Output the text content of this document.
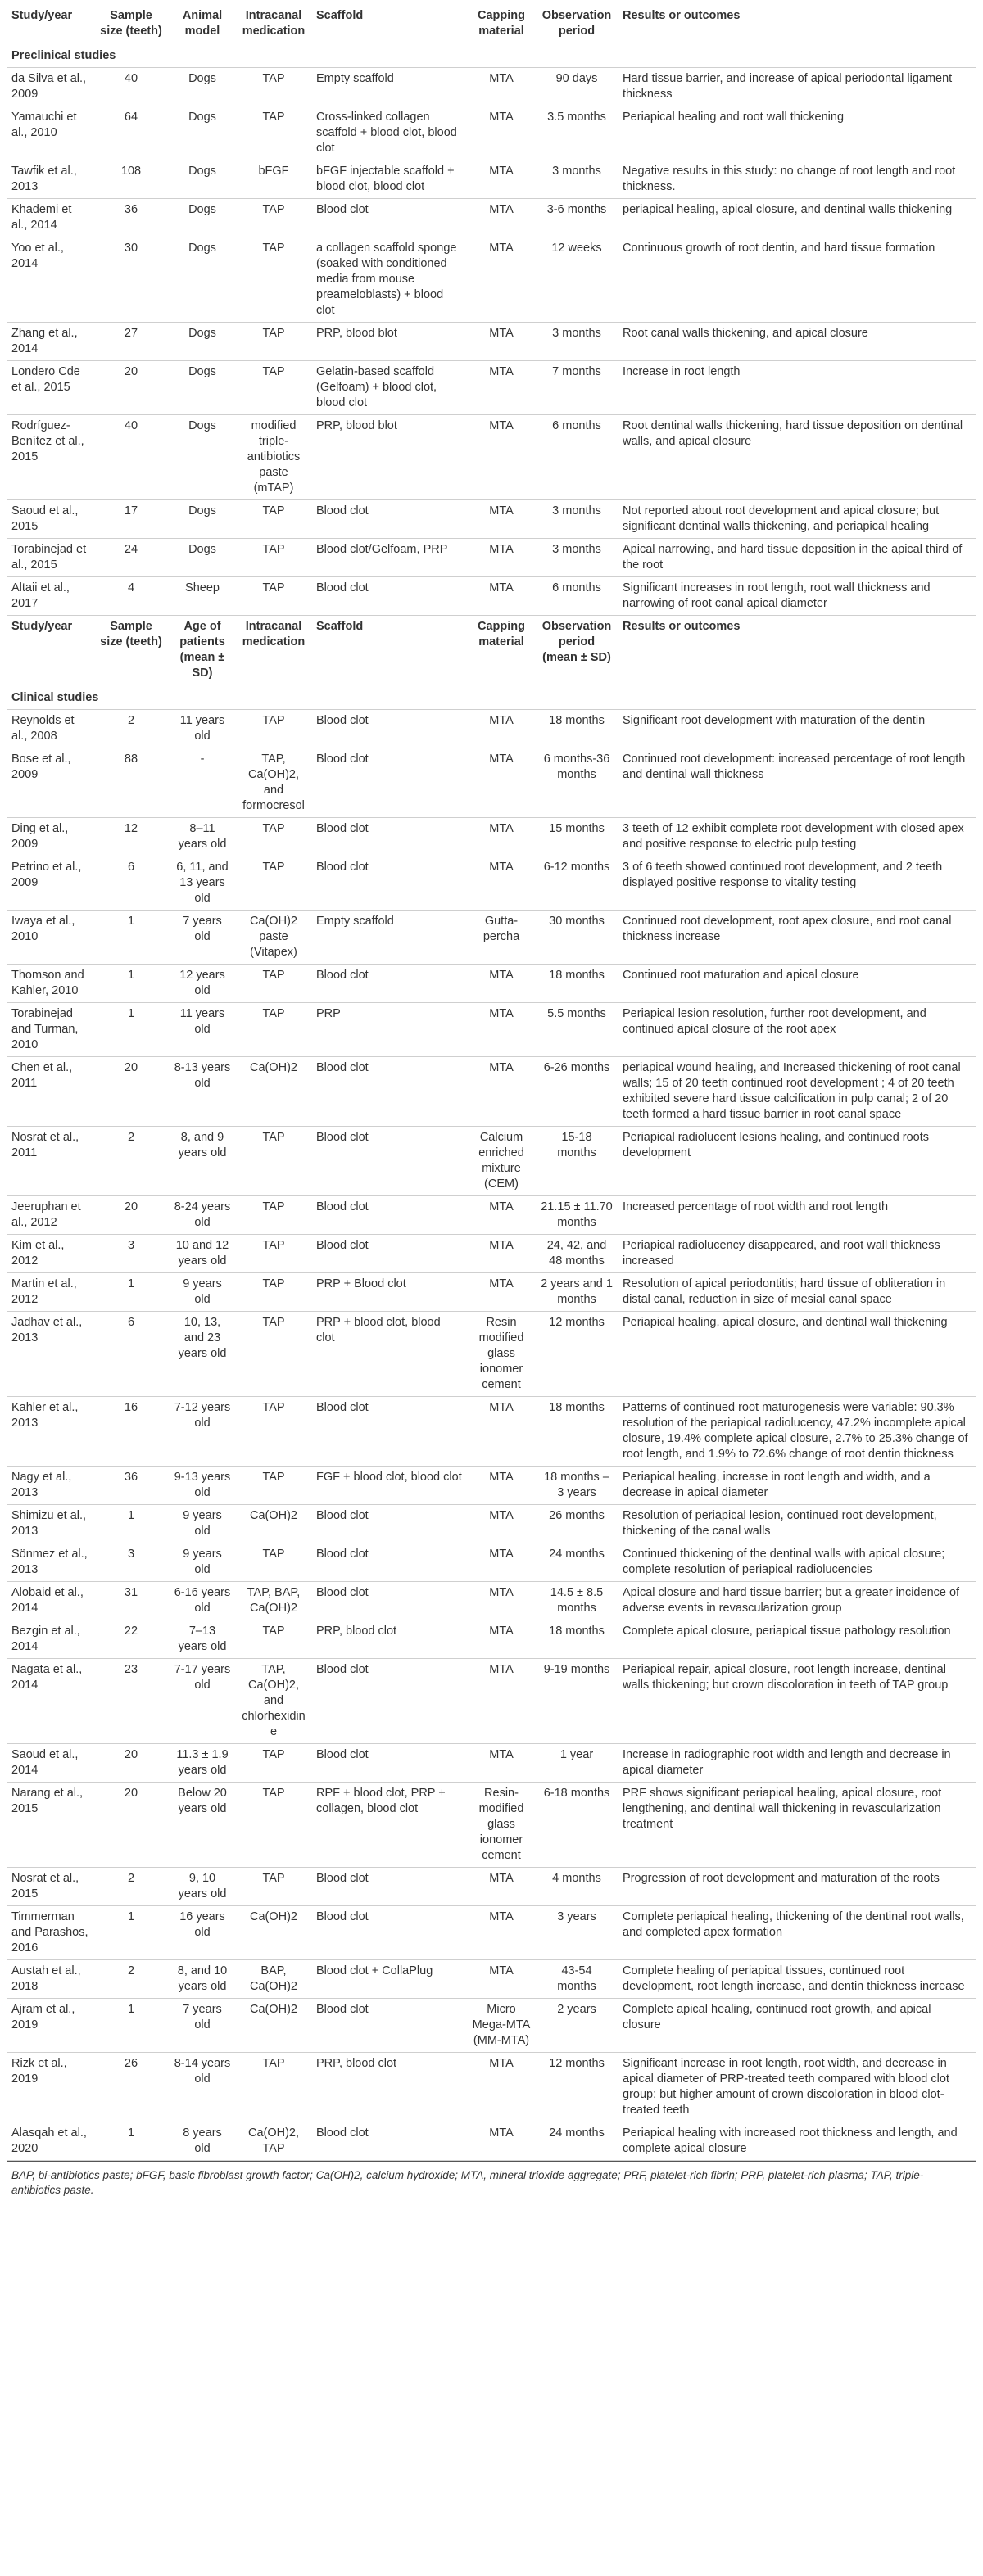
Study/year	Sample size (teeth)	Animal model	Intracanal medication	Scaffold	Capping material	Observation period	Results or outcomes
Preclinical studies							
da Silva et al., 2009	40	Dogs	TAP	Empty scaffold	MTA	90 days	Hard tissue barrier, and increase of apical periodontal ligament thickness
Yamauchi et al., 2010	64	Dogs	TAP	Cross-linked collagen scaffold + blood clot, blood clot	MTA	3.5 months	Periapical healing and root wall thickening
Tawfik et al., 2013	108	Dogs	bFGF	bFGF injectable scaffold + blood clot, blood clot	MTA	3 months	Negative results in this study: no change of root length and root thickness.
Khademi et al., 2014	36	Dogs	TAP	Blood clot	MTA	3-6 months	periapical healing, apical closure, and dentinal walls thickening
Yoo et al., 2014	30	Dogs	TAP	a collagen scaffold sponge (soaked with conditioned media from mouse preameloblasts) + blood clot	MTA	12 weeks	Continuous growth of root dentin, and hard tissue formation
Zhang et al., 2014	27	Dogs	TAP	PRP, blood blot	MTA	3 months	Root canal walls thickening, and apical closure
Londero Cde et al., 2015	20	Dogs	TAP	Gelatin-based scaffold (Gelfoam) + blood clot, blood clot	MTA	7 months	Increase in root length
Rodríguez-Benítez et al., 2015	40	Dogs	modified triple-antibiotics paste (mTAP)	PRP, blood blot	MTA	6 months	Root dentinal walls thickening, hard tissue deposition on dentinal walls, and apical closure
Saoud et al., 2015	17	Dogs	TAP	Blood clot	MTA	3 months	Not reported about root development and apical closure; but significant dentinal walls thickening, and periapical healing
Torabinejad et al., 2015	24	Dogs	TAP	Blood clot/Gelfoam, PRP	MTA	3 months	Apical narrowing, and hard tissue deposition in the apical third of the root
Altaii et al., 2017	4	Sheep	TAP	Blood clot	MTA	6 months	Significant increases in root length, root wall thickness and narrowing of root canal apical diameter
Study/year	Sample size (teeth)	Age of patients (mean ± SD)	Intracanal medication	Scaffold	Capping material	Observation period (mean ± SD)	Results or outcomes
Clinical studies							
Reynolds et al., 2008	2	11 years old	TAP	Blood clot	MTA	18 months	Significant root development with maturation of the dentin
Bose et al., 2009	88	-	TAP, Ca(OH)2, and formocresol	Blood clot	MTA	6 months-36 months	Continued root development: increased percentage of root length and dentinal wall thickness
Ding et al., 2009	12	8–11 years old	TAP	Blood clot	MTA	15 months	3 teeth of 12 exhibit complete root development with closed apex and positive response to electric pulp testing
Petrino et al., 2009	6	6, 11, and 13 years old	TAP	Blood clot	MTA	6-12 months	3 of 6 teeth showed continued root development, and 2 teeth displayed positive response to vitality testing
Iwaya et al., 2010	1	7 years old	Ca(OH)2 paste (Vitapex)	Empty scaffold	Gutta-percha	30 months	Continued root development, root apex closure, and root canal thickness increase
Thomson and Kahler, 2010	1	12 years old	TAP	Blood clot	MTA	18 months	Continued root maturation and apical closure
Torabinejad and Turman, 2010	1	11 years old	TAP	PRP	MTA	5.5 months	Periapical lesion resolution, further root development, and continued apical closure of the root apex
Chen et al., 2011	20	8-13 years old	Ca(OH)2	Blood clot	MTA	6-26 months	periapical wound healing, and Increased thickening of root canal walls; 15 of 20 teeth continued root development ; 4 of 20 teeth exhibited severe hard tissue calcification in pulp canal; 2 of 20 teeth formed a hard tissue barrier in root canal space
Nosrat et al., 2011	2	8, and 9 years old	TAP	Blood clot	Calcium enriched mixture (CEM)	15-18 months	Periapical radiolucent lesions healing, and continued roots development
Jeeruphan et al., 2012	20	8-24 years old	TAP	Blood clot	MTA	21.15 ± 11.70 months	Increased percentage of root width and root length
Kim et al., 2012	3	10 and 12 years old	TAP	Blood clot	MTA	24, 42, and 48 months	Periapical radiolucency disappeared, and root wall thickness increased
Martin et al., 2012	1	9 years old	TAP	PRP + Blood clot	MTA	2 years and 1 months	Resolution of apical periodontitis; hard tissue of obliteration in distal canal, reduction in size of mesial canal space
Jadhav et al., 2013	6	10, 13, and 23 years old	TAP	PRP + blood clot, blood clot	Resin modified glass ionomer cement	12 months	Periapical healing, apical closure, and dentinal wall thickening
Kahler et al., 2013	16	7-12 years old	TAP	Blood clot	MTA	18 months	Patterns of continued root maturogenesis were variable: 90.3% resolution of the periapical radiolucency, 47.2% incomplete apical closure, 19.4% complete apical closure, 2.7% to 25.3% change of root length, and 1.9% to 72.6% change of root dentin thickness
Nagy et al., 2013	36	9-13 years old	TAP	FGF + blood clot, blood clot	MTA	18 months – 3 years	Periapical healing, increase in root length and width, and a decrease in apical diameter
Shimizu et al., 2013	1	9 years old	Ca(OH)2	Blood clot	MTA	26 months	Resolution of periapical lesion, continued root development, thickening of the canal walls
Sönmez et al., 2013	3	9 years old	TAP	Blood clot	MTA	24 months	Continued thickening of the dentinal walls with apical closure; complete resolution of periapical radiolucencies
Alobaid et al., 2014	31	6-16 years old	TAP, BAP, Ca(OH)2	Blood clot	MTA	14.5 ± 8.5 months	Apical closure and hard tissue barrier; but a greater incidence of adverse events in revascularization group
Bezgin et al., 2014	22	7–13 years old	TAP	PRP, blood clot	MTA	18 months	Complete apical closure, periapical tissue pathology resolution
Nagata et al., 2014	23	7-17 years old	TAP, Ca(OH)2, and chlorhexidine	Blood clot	MTA	9-19 months	Periapical repair, apical closure, root length increase, dentinal walls thickening; but crown discoloration in teeth of TAP group
Saoud et al., 2014	20	11.3 ± 1.9 years old	TAP	Blood clot	MTA	1 year	Increase in radiographic root width and length and decrease in apical diameter
Narang et al., 2015	20	Below 20 years old	TAP	RPF + blood clot, PRP + collagen, blood clot	Resin-modified glass ionomer cement	6-18 months	PRF shows significant periapical healing, apical closure, root lengthening, and dentinal wall thickening in revascularization treatment
Nosrat et al., 2015	2	9, 10 years old	TAP	Blood clot	MTA	4 months	Progression of root development and maturation of the roots
Timmerman and Parashos, 2016	1	16 years old	Ca(OH)2	Blood clot	MTA	3 years	Complete periapical healing, thickening of the dentinal root walls, and completed apex formation
Austah et al., 2018	2	8, and 10 years old	BAP, Ca(OH)2	Blood clot + CollaPlug	MTA	43-54 months	Complete healing of periapical tissues, continued root development, root length increase, and dentin thickness increase
Ajram et al., 2019	1	7 years old	Ca(OH)2	Blood clot	Micro Mega-MTA (MM-MTA)	2 years	Complete apical healing, continued root growth, and apical closure
Rizk et al., 2019	26	8-14 years old	TAP	PRP, blood clot	MTA	12 months	Significant increase in root length, root width, and decrease in apical diameter of PRP-treated teeth compared with blood clot group; but higher amount of crown discoloration in blood clot-treated teeth
Alasqah et al., 2020	1	8 years old	Ca(OH)2, TAP	Blood clot	MTA	24 months	Periapical healing with increased root thickness and length, and complete apical closure
BAP, bi-antibiotics paste; bFGF, basic fibroblast growth factor; Ca(OH)2, calcium hydroxide; MTA, mineral trioxide aggregate; PRF, platelet-rich fibrin; PRP, platelet-rich plasma; TAP, triple-antibiotics paste.
